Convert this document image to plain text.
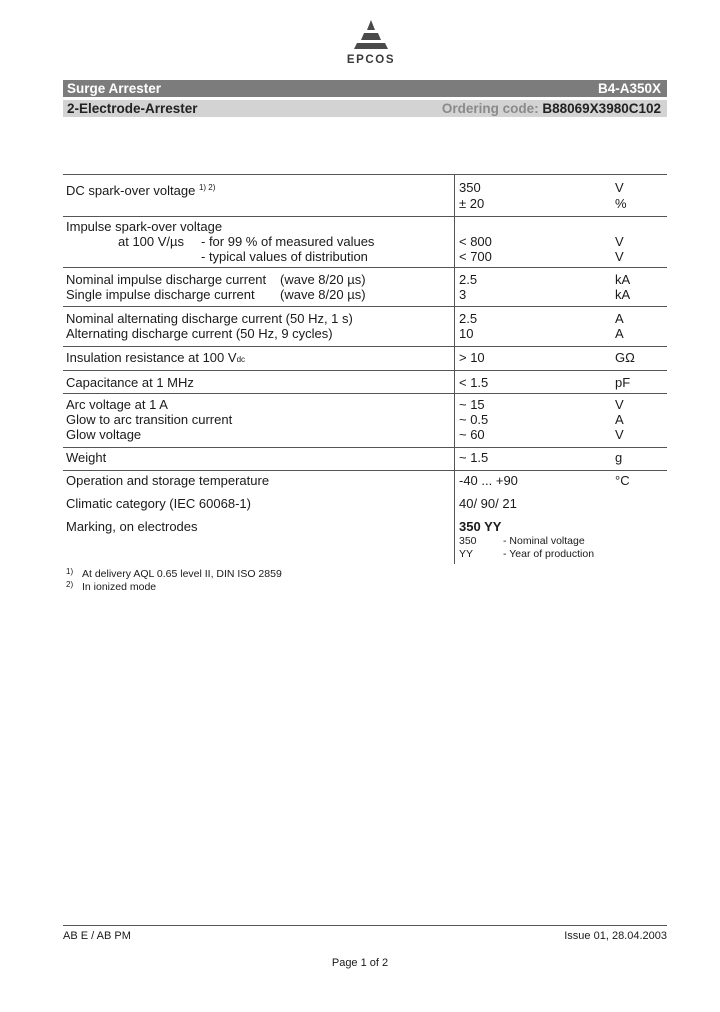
EPCOS
Surge Arrester	B4-A350X
2-Electrode-Arrester	Ordering code: B88069X3980C102
DC spark-over voltage $^{1) 2)}$	350	V
± 20	%
Impulse spark-over voltage
at 100 V/µs - for 99 % of measured values	< 800	V
- typical values of distribution	< 700	V
Nominal impulse discharge current (wave 8/20 µs)	2.5	kA
Single impulse discharge current (wave 8/20 µs)	3	kA
Nominal alternating discharge current (50 Hz, 1 s)	2.5	A
Alternating discharge current (50 Hz, 9 cycles)	10	A
Insulation resistance at 100 Vdc	> 10	GΩ
Capacitance at 1 MHz	< 1.5	pF
Arc voltage at 1 A	~ 15	V
Glow to arc transition current	~ 0.5	A
Glow voltage	~ 60	V
Weight	~ 1.5	g
Operation and storage temperature	-40 ... +90	°C
Climatic category (IEC 60068-1)	40/ 90/ 21
Marking, on electrodes	350 YY
350	- Nominal voltage
YY	- Year of production
$^{1)}$ At delivery AQL 0.65 level II, DIN ISO 2859
$^{2)}$ In ionized mode
AB E / AB PM	Issue 01, 28.04.2003
Page 1 of 2
